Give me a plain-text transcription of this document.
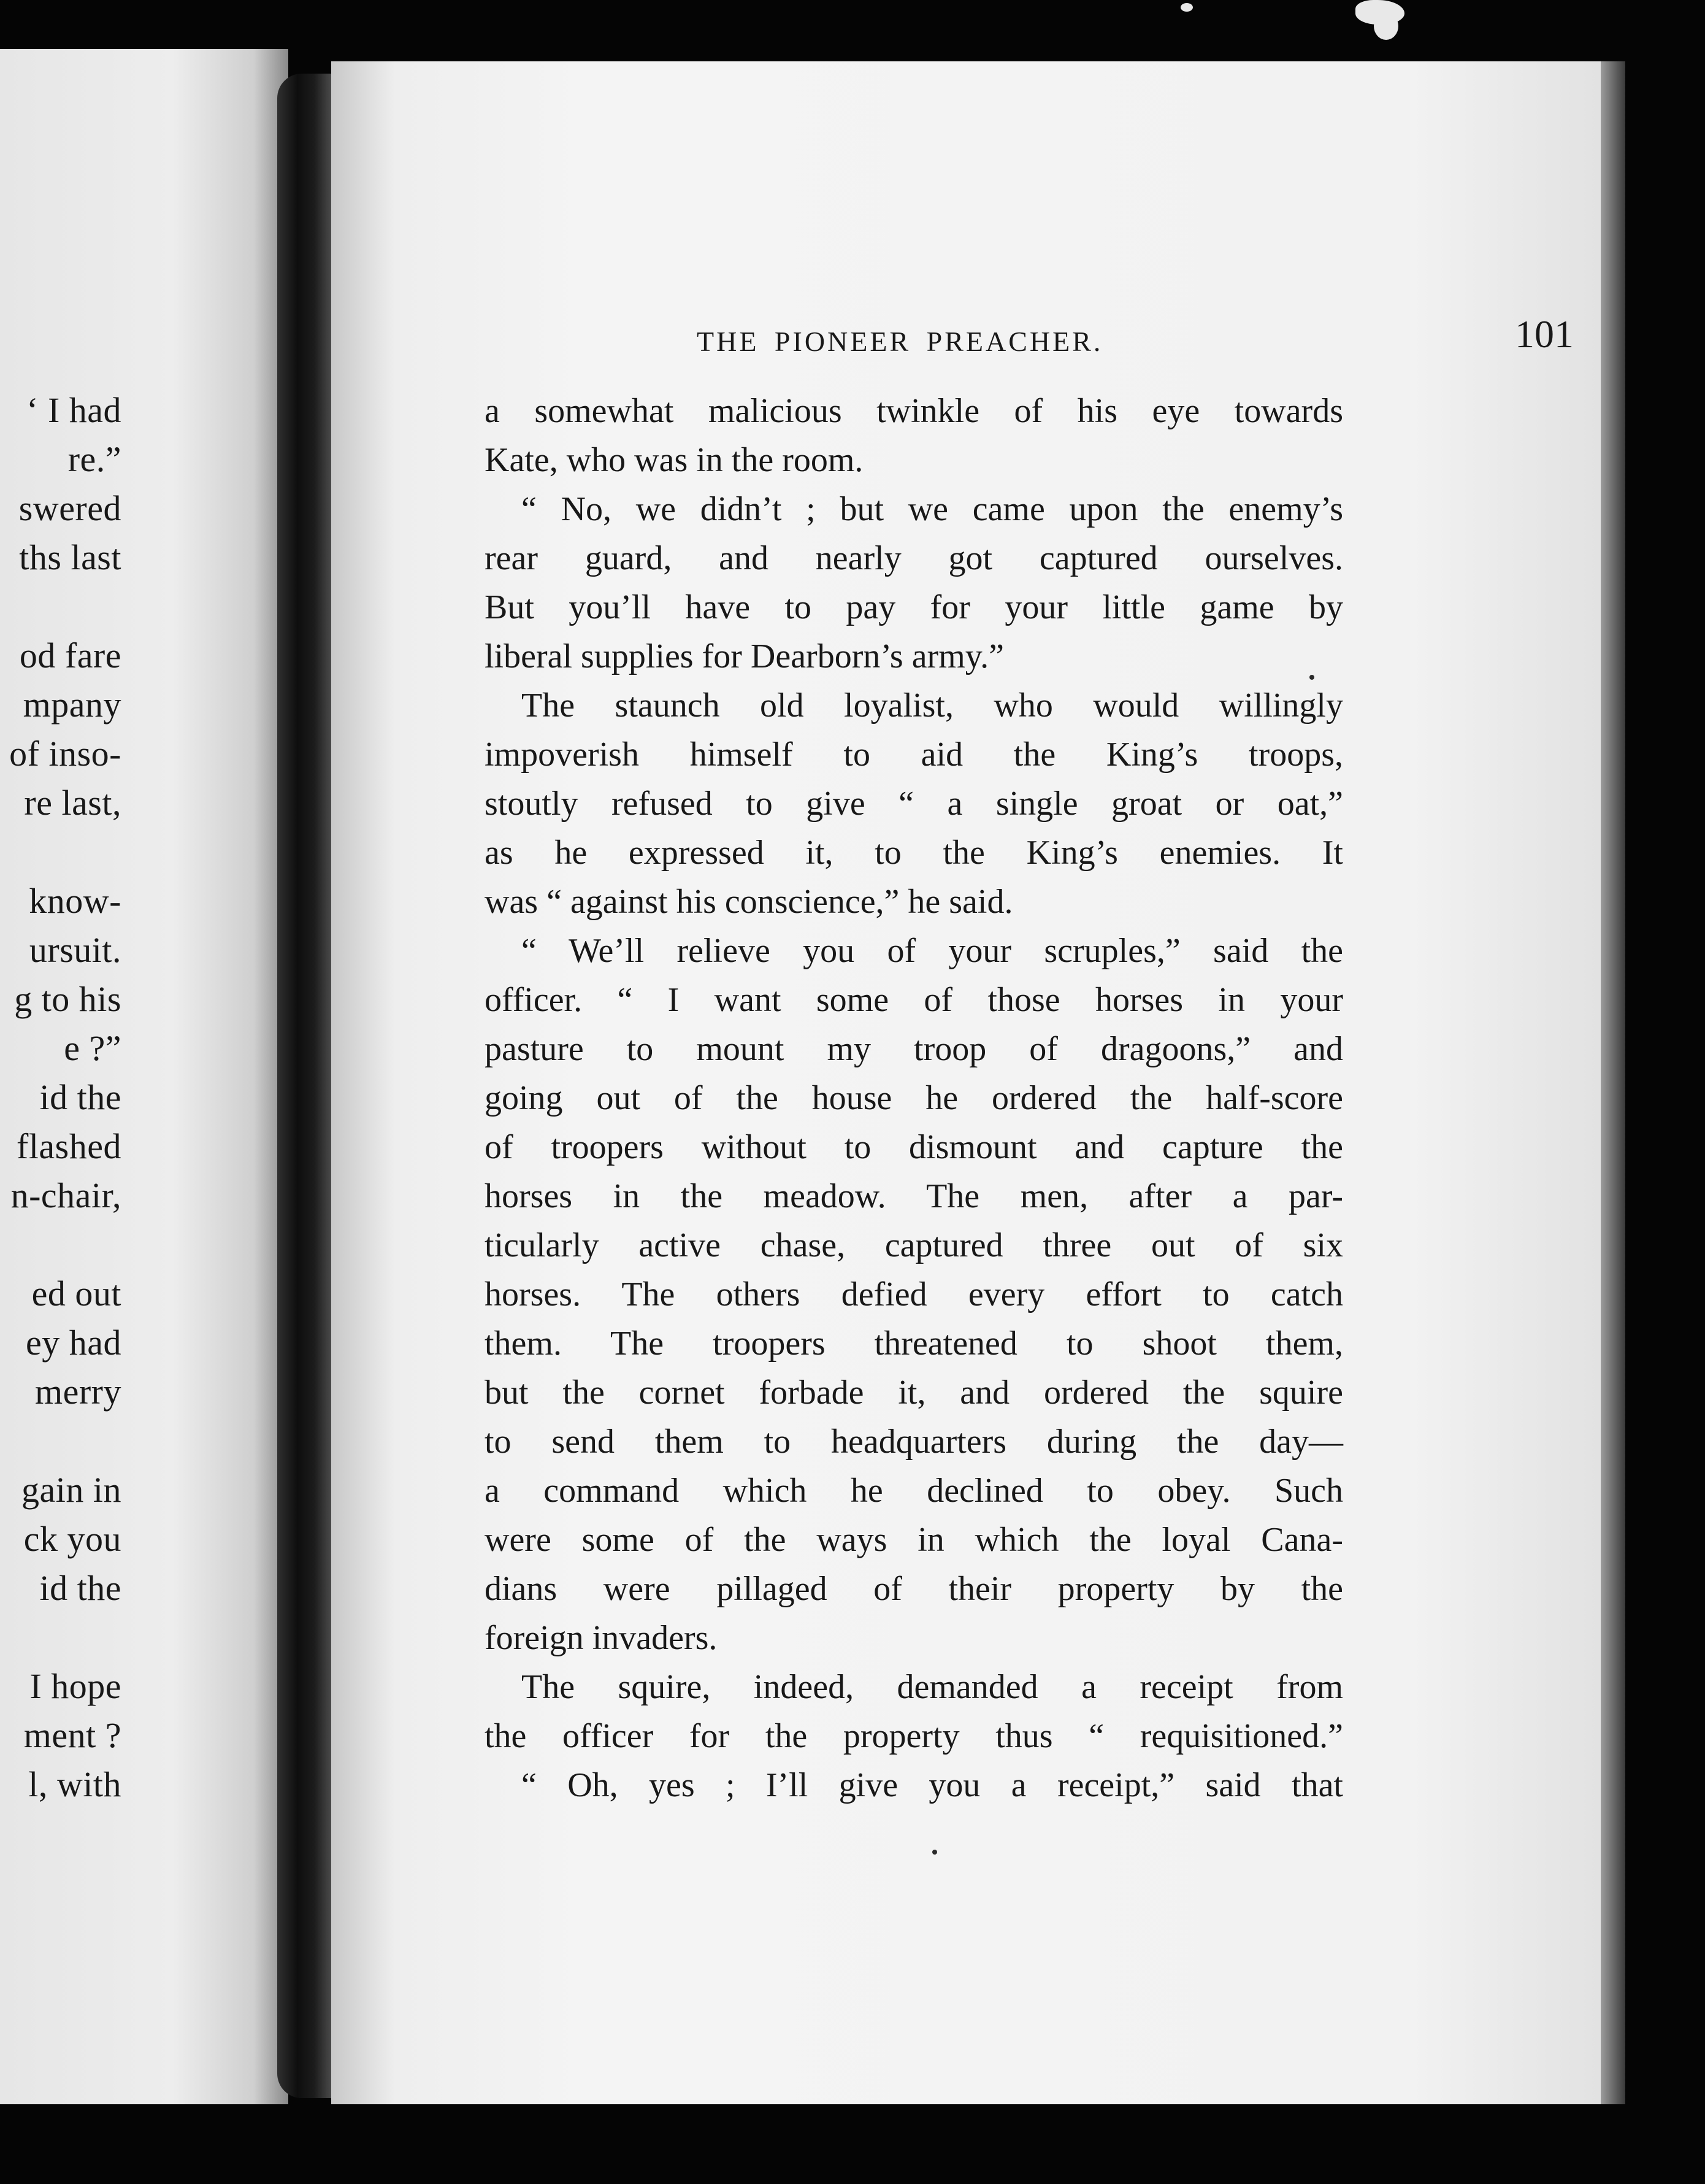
‘ I had
re.”
swered
ths last
od fare
mpany
of inso-
re last,
know-
ursuit.
g to his
e ?”
id the
flashed
n-chair,
ed out
ey had
merry
gain in
ck you
id the
I hope
ment ?
l, with
THE PIONEER PREACHER.	101
a somewhat malicious twinkle of his eye towards
Kate, who was in the room.
“ No, we didn’t ; but we came upon the enemy’s
rear guard, and nearly got captured ourselves.
But you’ll have to pay for your little game by
liberal supplies for Dearborn’s army.”
The staunch old loyalist, who would willingly
impoverish himself to aid the King’s troops,
stoutly refused to give “ a single groat or oat,”
as he expressed it, to the King’s enemies. It
was “ against his conscience,” he said.
“ We’ll relieve you of your scruples,” said the
officer. “ I want some of those horses in your
pasture to mount my troop of dragoons,” and
going out of the house he ordered the half-score
of troopers without to dismount and capture the
horses in the meadow. The men, after a par-
ticularly active chase, captured three out of six
horses. The others defied every effort to catch
them. The troopers threatened to shoot them,
but the cornet forbade it, and ordered the squire
to send them to headquarters during the day—
a command which he declined to obey. Such
were some of the ways in which the loyal Cana-
dians were pillaged of their property by the
foreign invaders.
The squire, indeed, demanded a receipt from
the officer for the property thus “ requisitioned.”
“ Oh, yes ; I’ll give you a receipt,” said that
